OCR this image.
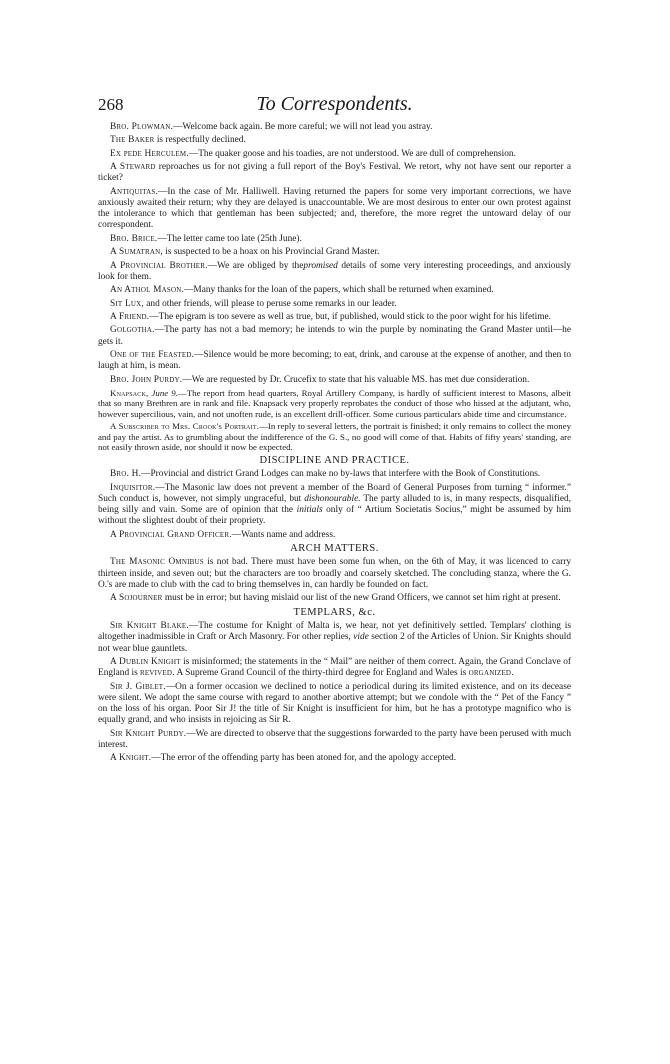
268	To Correspondents.

Bro. Plowman.—Welcome back again. Be more careful; we will not lead you astray.

The Baker is respectfully declined.

Ex pede Herculem.—The quaker goose and his toadies, are not understood. We are dull of comprehension.

A Steward reproaches us for not giving a full report of the Boy's Festival. We retort, why not have sent our reporter a ticket?

Antiquitas.—In the case of Mr. Halliwell. Having returned the papers for some very important corrections, we have anxiously awaited their return; why they are delayed is unaccountable. We are most desirous to enter our own protest against the intolerance to which that gentleman has been subjected; and, therefore, the more regret the untoward delay of our correspondent.

Bro. Brice.—The letter came too late (25th June).

A Sumatran, is suspected to be a hoax on his Provincial Grand Master.

A Provincial Brother.—We are obliged by thepromised details of some very interesting proceedings, and anxiously look for them.

An Athol Mason.—Many thanks for the loan of the papers, which shall be returned when examined.

Sit Lux, and other friends, will please to peruse some remarks in our leader.

A Friend.—The epigram is too severe as well as true, but, if published, would stick to the poor wight for his lifetime.

Golgotha.—The party has not a bad memory; he intends to win the purple by nominating the Grand Master until—he gets it.

One of the Feasted.—Silence would be more becoming; to eat, drink, and carouse at the expense of another, and then to laugh at him, is mean.

Bro. John Purdy.—We are requested by Dr. Crucefix to state that his valuable MS. has met due consideration.

Knapsack, June 9.—The report from head quarters, Royal Artillery Company, is hardly of sufficient interest to Masons, albeit that so many Brethren are in rank and file. Knapsack very properly reprobates the conduct of those who hissed at the adjutant, who, however supercilious, vain, and not unoften rude, is an excellent drill-officer. Some curious particulars abide time and circumstance.

A Subscriber to Mrs. Crook's Portrait.—In reply to several letters, the portrait is finished; it only remains to collect the money and pay the artist. As to grumbling about the indifference of the G. S., no good will come of that. Habits of fifty years' standing, are not easily thrown aside, nor should it now be expected.

DISCIPLINE AND PRACTICE.

Bro. H.—Provincial and district Grand Lodges can make no by-laws that interfere with the Book of Constitutions.

Inquisitor.—The Masonic law does not prevent a member of the Board of General Purposes from turning “ informer.” Such conduct is, however, not simply ungraceful, but dishonourable. The party alluded to is, in many respects, disqualified, being silly and vain. Some are of opinion that the initials only of “ Artium Societatis Socius,” might be assumed by him without the slightest doubt of their propriety.

A Provincial Grand Officer.—Wants name and address.

ARCH MATTERS.

The Masonic Omnibus is not bad. There must have been some fun when, on the 6th of May, it was licenced to carry thirteen inside, and seven out; but the characters are too broadly and coarsely sketched. The concluding stanza, where the G. O.'s are made to club with the cad to bring themselves in, can hardly be founded on fact.

A Sojourner must be in error; but having mislaid our list of the new Grand Officers, we cannot set him right at present.

TEMPLARS, &c.

Sir Knight Blake.—The costume for Knight of Malta is, we hear, not yet definitively settled. Templars' clothing is altogether inadmissible in Craft or Arch Masonry. For other replies, vide section 2 of the Articles of Union. Sir Knights should not wear blue gauntlets.

A Dublin Knight is misinformed; the statements in the “ Mail” are neither of them correct. Again, the Grand Conclave of England is revived. A Supreme Grand Council of the thirty-third degree for England and Wales is organized.

Sir J. Giblet.—On a former occasion we declined to notice a periodical during its limited existence, and on its decease were silent. We adopt the same course with regard to another abortive attempt; but we condole with the “ Pet of the Fancy ” on the loss of his organ. Poor Sir J! the title of Sir Knight is insufficient for him, but he has a prototype magnifico who is equally grand, and who insists in rejoicing as Sir R.

Sir Knight Purdy.—We are directed to observe that the suggestions forwarded to the party have been perused with much interest.

A Knight.—The error of the offending party has been atoned for, and the apology accepted.
